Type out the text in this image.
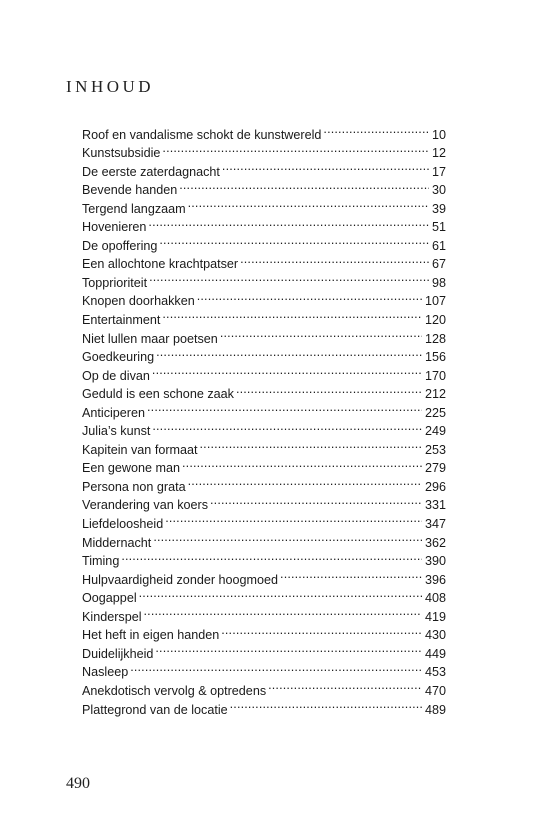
INHOUD
Roof en vandalisme schokt de kunstwereld .....	10
Kunstsubsidie .....	12
De eerste zaterdagnacht .....	17
Bevende handen .....	30
Tergend langzaam .....	39
Hovenieren .....	51
De opoffering .....	61
Een allochtone krachtpatser .....	67
Topprioriteit .....	98
Knopen doorhakken .....	107
Entertainment .....	120
Niet lullen maar poetsen .....	128
Goedkeuring .....	156
Op de divan .....	170
Geduld is een schone zaak .....	212
Anticiperen .....	225
Julia’s kunst .....	249
Kapitein van formaat .....	253
Een gewone man .....	279
Persona non grata .....	296
Verandering van koers .....	331
Liefdeloosheid .....	347
Middernacht .....	362
Timing .....	390
Hulpvaardigheid zonder hoogmoed .....	396
Oogappel .....	408
Kinderspel .....	419
Het heft in eigen handen .....	430
Duidelijkheid .....	449
Nasleep .....	453
Anekdotisch vervolg & optredens .....	470
Plattegrond van de locatie .....	489
490
